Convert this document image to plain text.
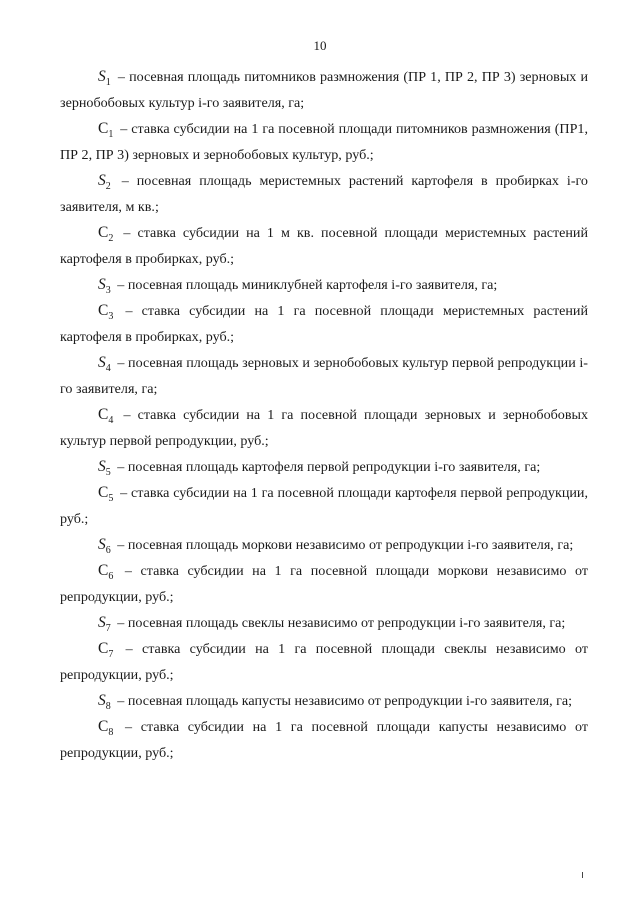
10

$S_1$ – посевная площадь питомников размножения (ПР 1, ПР 2, ПР 3) зерновых и зернобобовых культур i-го заявителя, га;

$С_1$ – ставка субсидии на 1 га посевной площади питомников размножения (ПР1, ПР 2, ПР 3) зерновых и зернобобовых культур, руб.;

$S_2$ – посевная площадь меристемных растений картофеля в пробирках i-го заявителя, м кв.;

$С_2$ – ставка субсидии на 1 м кв. посевной площади меристемных растений картофеля в пробирках, руб.;

$S_3$ – посевная площадь миниклубней картофеля i-го заявителя, га;

$С_3$ – ставка субсидии на 1 га посевной площади меристемных растений картофеля в пробирках, руб.;

$S_4$ – посевная площадь зерновых и зернобобовых культур первой репродукции i-го заявителя, га;

$С_4$ – ставка субсидии на 1 га посевной площади зерновых и зернобобовых культур первой репродукции, руб.;

$S_5$ – посевная площадь картофеля первой репродукции i-го заявителя, га;

$С_5$ – ставка субсидии на 1 га посевной площади картофеля первой репродукции, руб.;

$S_6$ – посевная площадь моркови независимо от репродукции i-го заявителя, га;

$С_6$ – ставка субсидии на 1 га посевной площади моркови независимо от репродукции, руб.;

$S_7$ – посевная площадь свеклы независимо от репродукции i-го заявителя, га;

$С_7$ – ставка субсидии на 1 га посевной площади свеклы независимо от репродукции, руб.;

$S_8$ – посевная площадь капусты независимо от репродукции i-го заявителя, га;

$С_8$ – ставка субсидии на 1 га посевной площади капусты независимо от репродукции, руб.;
